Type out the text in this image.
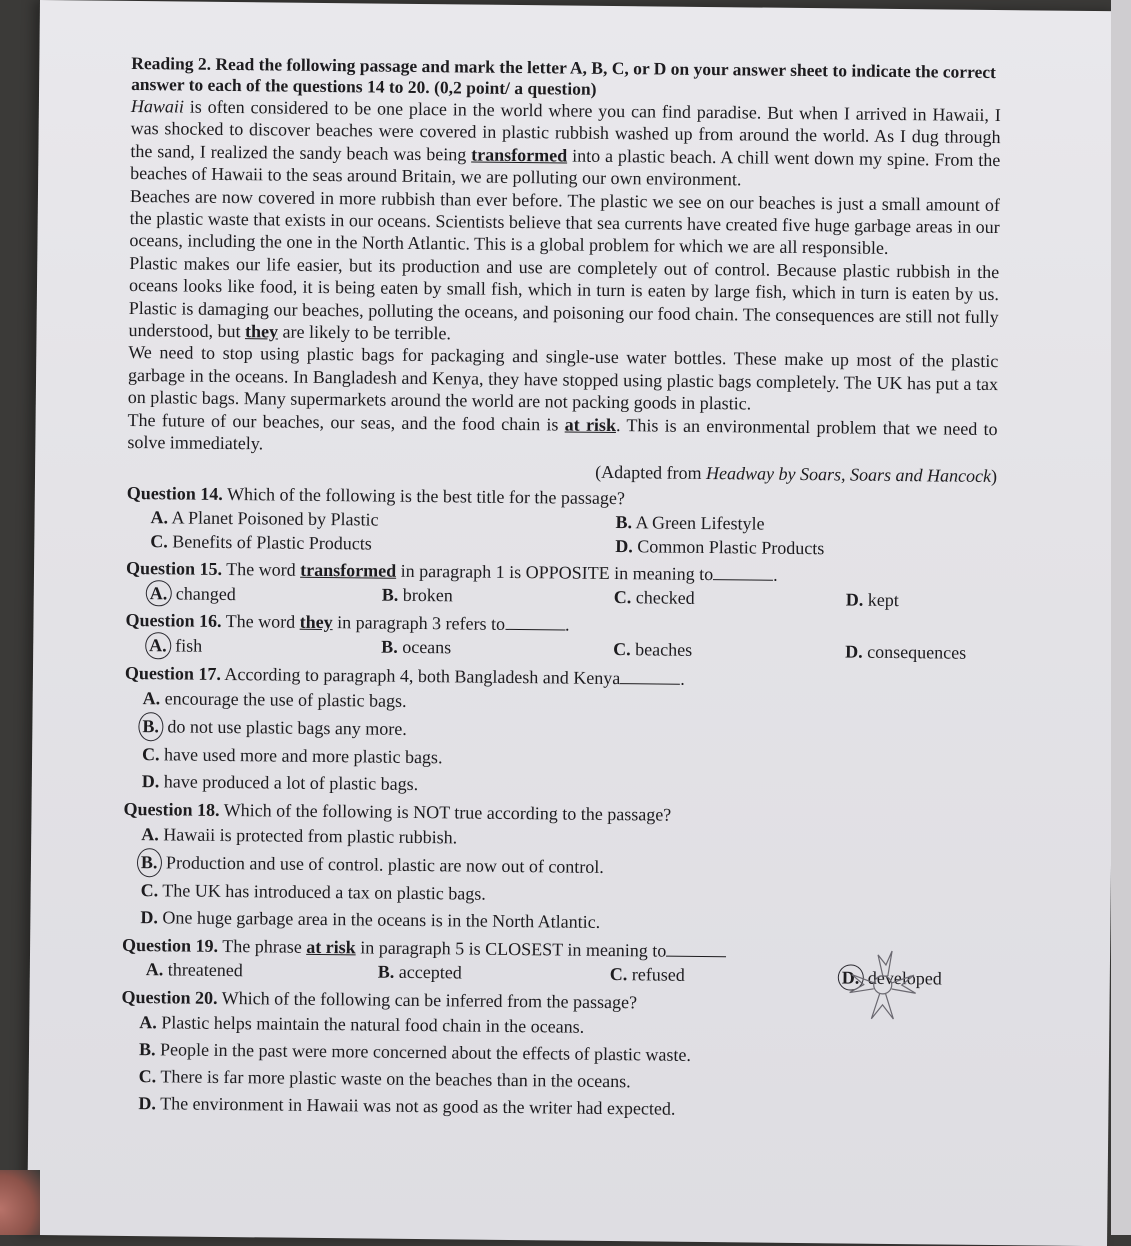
Reading 2. Read the following passage and mark the letter A, B, C, or D on your answer sheet to indicate the correct answer to each of the questions 14 to 20. (0,2 point/ a question)
Hawaii is often considered to be one place in the world where you can find paradise. But when I arrived in Hawaii, I was shocked to discover beaches were covered in plastic rubbish washed up from around the world. As I dug through the sand, I realized the sandy beach was being transformed into a plastic beach. A chill went down my spine. From the beaches of Hawaii to the seas around Britain, we are polluting our own environment.
Beaches are now covered in more rubbish than ever before. The plastic we see on our beaches is just a small amount of the plastic waste that exists in our oceans. Scientists believe that sea currents have created five huge garbage areas in our oceans, including the one in the North Atlantic. This is a global problem for which we are all responsible.
Plastic makes our life easier, but its production and use are completely out of control. Because plastic rubbish in the oceans looks like food, it is being eaten by small fish, which in turn is eaten by large fish, which in turn is eaten by us. Plastic is damaging our beaches, polluting the oceans, and poisoning our food chain. The consequences are still not fully understood, but they are likely to be terrible.
We need to stop using plastic bags for packaging and single-use water bottles. These make up most of the plastic garbage in the oceans. In Bangladesh and Kenya, they have stopped using plastic bags completely. The UK has put a tax on plastic bags. Many supermarkets around the world are not packing goods in plastic.
The future of our beaches, our seas, and the food chain is at risk. This is an environmental problem that we need to solve immediately.
(Adapted from Headway by Soars, Soars and Hancock)
Question 14. Which of the following is the best title for the passage?
A. A Planet Poisoned by Plastic	B. A Green Lifestyle
C. Benefits of Plastic Products	D. Common Plastic Products
Question 15. The word transformed in paragraph 1 is OPPOSITE in meaning to	.
A. changed	B. broken	C. checked	D. kept
Question 16. The word they in paragraph 3 refers to	.
A. fish	B. oceans	C. beaches	D. consequences
Question 17. According to paragraph 4, both Bangladesh and Kenya	.
A. encourage the use of plastic bags.
B. do not use plastic bags any more.
C. have used more and more plastic bags.
D. have produced a lot of plastic bags.
Question 18. Which of the following is NOT true according to the passage?
A. Hawaii is protected from plastic rubbish.
B. Production and use of control. plastic are now out of control.
C. The UK has introduced a tax on plastic bags.
D. One huge garbage area in the oceans is in the North Atlantic.
Question 19. The phrase at risk in paragraph 5 is CLOSEST in meaning to
A. threatened	B. accepted	C. refused	D. developed
Question 20. Which of the following can be inferred from the passage?
A. Plastic helps maintain the natural food chain in the oceans.
B. People in the past were more concerned about the effects of plastic waste.
C. There is far more plastic waste on the beaches than in the oceans.
D. The environment in Hawaii was not as good as the writer had expected.
